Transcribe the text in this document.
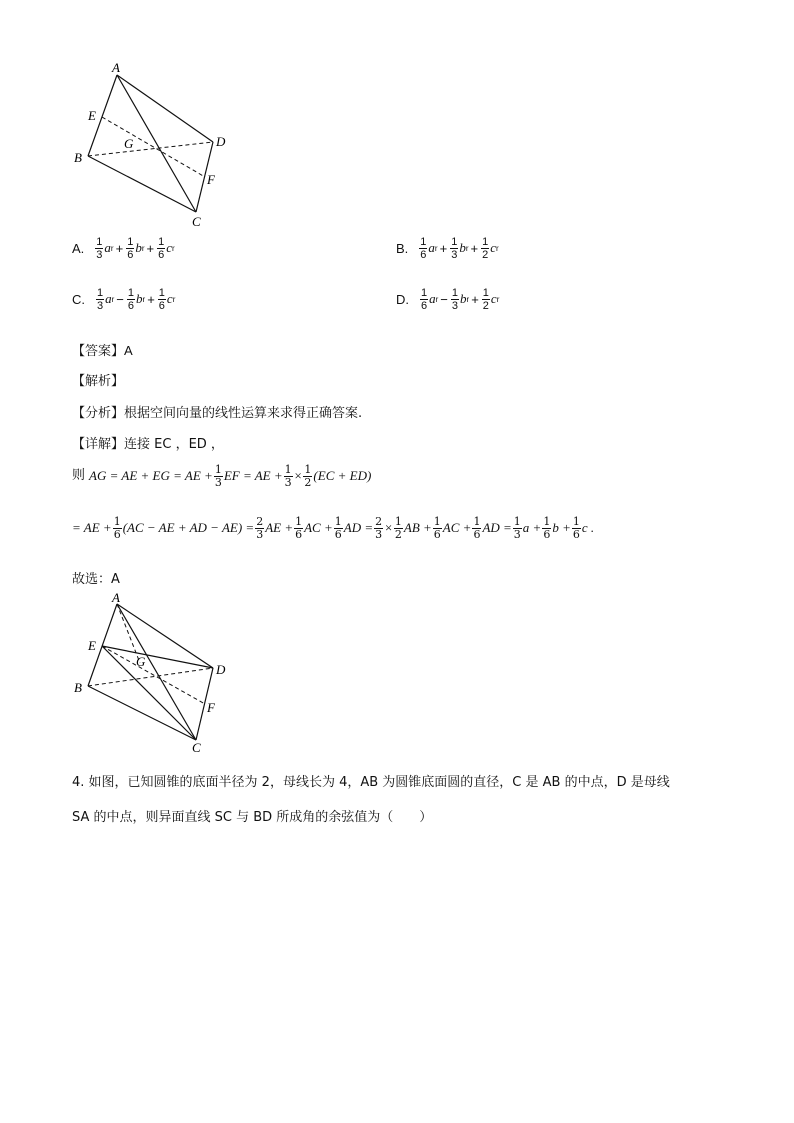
A
E
B
G	D
F
C
A. $\frac{1}{3}$ a $r + \frac{1}{6}$ b $r + \frac{1}{6}$ c r	B. $\frac{1}{6}$ a $r + \frac{1}{3}$ b $r + \frac{1}{2}$ c r
C. $\frac{1}{3}$ a $r - \frac{1}{6}$ b $r + \frac{1}{6}$ c r	D. $\frac{1}{6}$ a $r - \frac{1}{3}$ b $r + \frac{1}{2}$ c r
【答案】A
【解析】
【分析】根据空间向量的线性运算来求得正确答案.
【详解】连接 EC ，ED ，
则 AG = AE + EG = AE + $\frac{1}{3}$ EF = AE + $\frac{1}{3} \times \frac{1}{2} (EC + ED)$
= AE + $\frac{1}{6} (AC$ − AE + AD − $AE) = \frac{2}{3}$ AE + $\frac{1}{6}$ AC + $\frac{1}{6}$ AD = $\frac{2}{3} \times \frac{1}{2}$ AB + $\frac{1}{6}$ AC + $\frac{1}{6}$ AD = $\frac{1}{3}$ $a + \frac{1}{6}$ $b + \frac{1}{6}$ c .
故选：A
A
E
B
G
D
F
C
4. 如图，已知圆锥的底面半径为 2，母线长为 4，AB 为圆锥底面圆的直径，C 是 AB 的中点，D 是母线
SA 的中点，则异面直线 SC 与 BD 所成角的余弦值为（　　）
